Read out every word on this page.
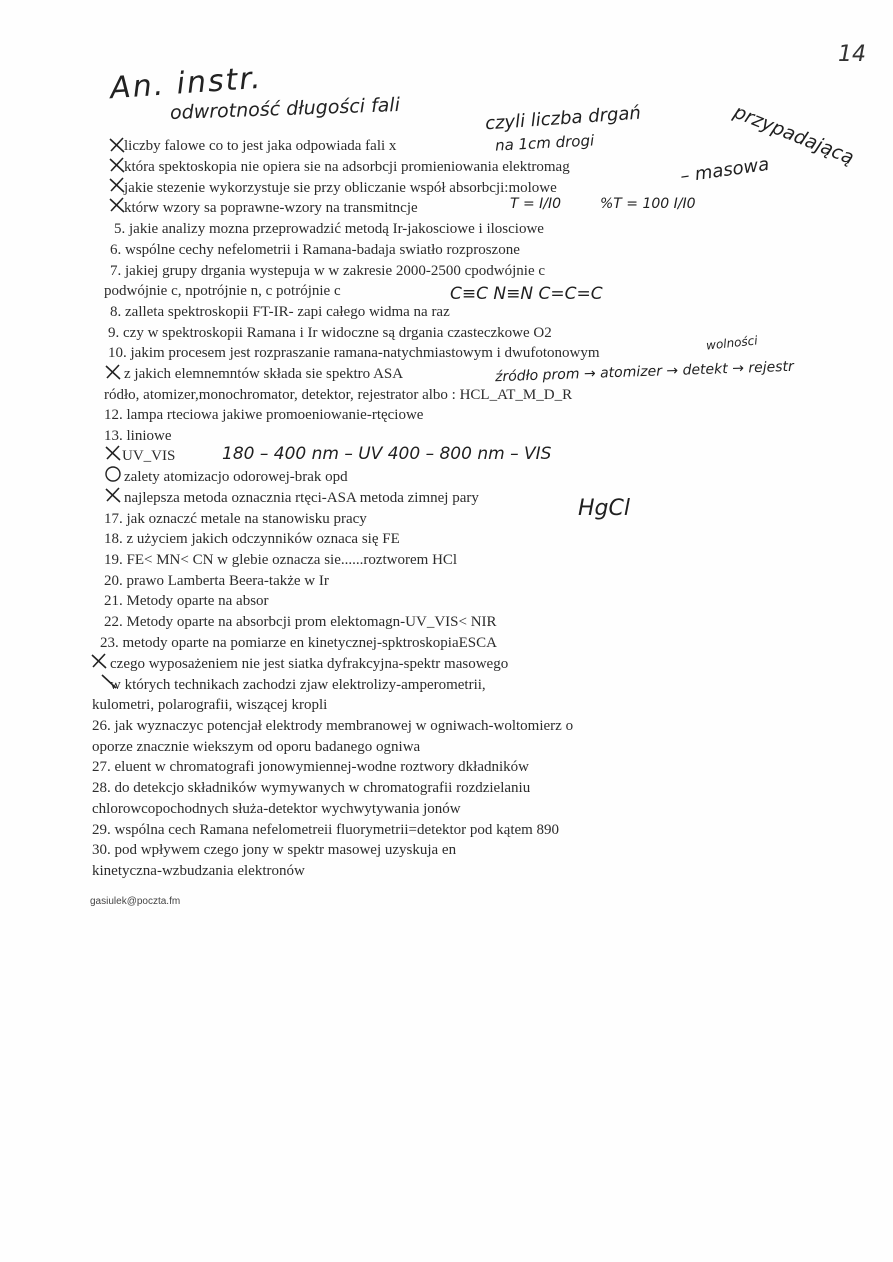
14
An. instr.
odwrotność długości fali
liczby falowe co to jest jaka odpowiada fali x
która spektoskopia nie opiera sie na adsorbcji promieniowania elektromag
jakie stezenie wykorzystuje sie przy obliczanie współ absorbcji:molowe
którw wzory sa poprawne-wzory na transmitncje
5. jakie analizy mozna przeprowadzić metodą Ir-jakosciowe i ilosciowe
6. wspólne cechy nefelometrii i Ramana-badaja swiatło rozproszone
7. jakiej grupy drgania wystepuja w w zakresie 2000-2500 cpodwójnie c
podwójnie c, npotrójnie n, c potrójnie c
8. zalleta spektroskopii FT-IR- zapi całego widma na raz
9. czy w spektroskopii Ramana i Ir widoczne są drgania czasteczkowe O2
10. jakim procesem jest rozpraszanie ramana-natychmiastowym i dwufotonowym
z jakich elemnemntów składa sie spektro ASA
ródło, atomizer,monochromator, detektor, rejestrator albo : HCL_AT_M_D_R
12. lampa rteciowa jakiwe promoeniowanie-rtęciowe
13. liniowe
UV_VIS
zalety atomizacjo odorowej-brak opd
najlepsza metoda oznacznia rtęci-ASA metoda zimnej pary
17. jak oznaczć metale na stanowisku pracy
18. z użyciem jakich odczynników oznaca się FE
19. FE< MN< CN w glebie oznacza sie......roztworem HCl
20. prawo Lamberta Beera-także w Ir
21. Metody oparte na absor
22. Metody oparte na absorbcji prom elektomagn-UV_VIS< NIR
23. metody oparte na pomiarze en kinetycznej-spktroskopiaESCA
czego wyposażeniem nie jest siatka dyfrakcyjna-spektr masowego
w których technikach zachodzi zjaw elektrolizy-amperometrii,
kulometri, polarografii, wiszącej kropli
26. jak wyznaczyc potencjał elektrody membranowej w ogniwach-woltomierz o
oporze znacznie wiekszym od oporu badanego ogniwa
27. eluent w chromatografi jonowymiennej-wodne roztwory dkładników
28. do detekcjo składników wymywanych w chromatografii rozdzielaniu
chlorowcopochodnych służa-detektor wychwytywania jonów
29. wspólna cech Ramana nefelometreii fluorymetrii=detektor pod kątem 890
30. pod wpływem czego jony w spektr masowej uzyskuja en
kinetyczna-wzbudzania elektronów
czyli liczba drgań
na 1cm drogi	przypadającą
– masowa
T = I/I0	%T = 100 I/I0
C≡C N≡N C=C=C
wolności
źródło prom → atomizer → detekt → rejestr
180 – 400 nm – UV 400 – 800 nm – VIS
HgCl
gasiulek@poczta.fm
